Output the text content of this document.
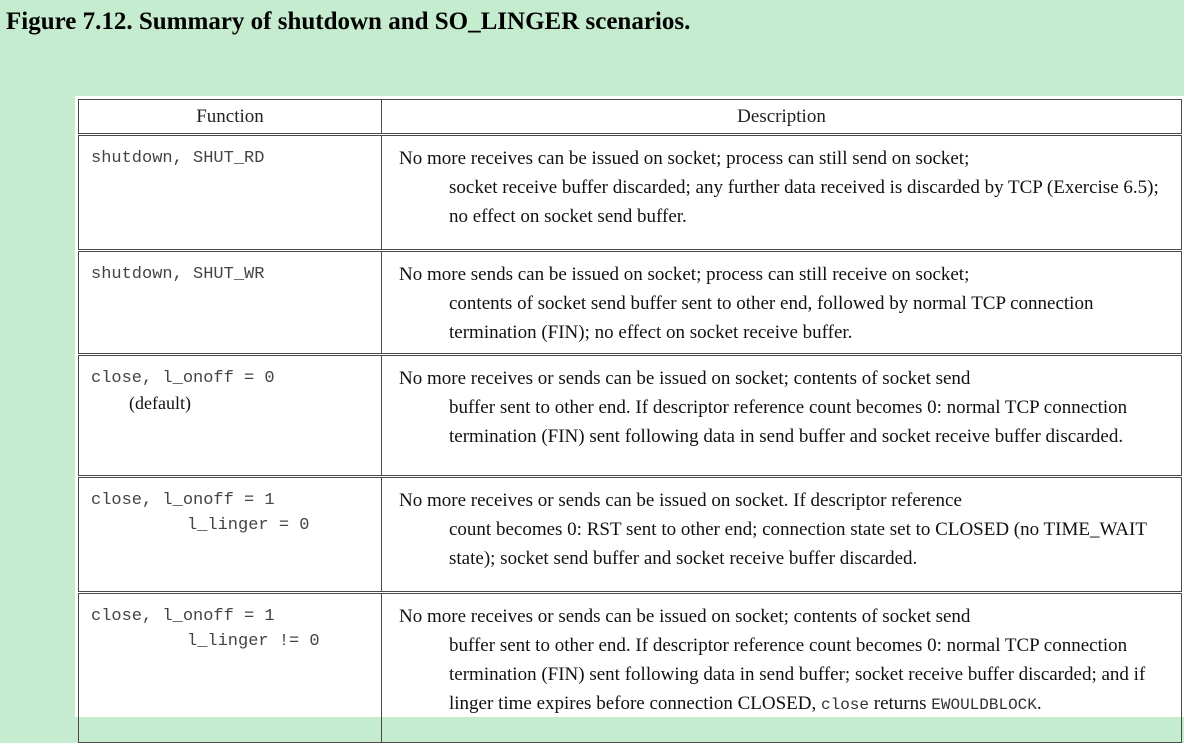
Figure 7.12. Summary of shutdown and SO_LINGER scenarios.
Function	Description
shutdown, SHUT_RD	No more receives can be issued on socket; process can still send on socket;
socket receive buffer discarded; any further data received is discarded by TCP (Exercise 6.5); no effect on socket send buffer.

shutdown, SHUT_WR	No more sends can be issued on socket; process can still receive on socket;
contents of socket send buffer sent to other end, followed by normal TCP connection termination (FIN); no effect on socket receive buffer.

close, l_onoff = 0
(default)	No more receives or sends can be issued on socket; contents of socket send
buffer sent to other end. If descriptor reference count becomes 0: normal TCP connection termination (FIN) sent following data in send buffer and socket receive buffer discarded.

close, l_onoff = 1
l_linger = 0	No more receives or sends can be issued on socket. If descriptor reference
count becomes 0: RST sent to other end; connection state set to CLOSED (no TIME_WAIT state); socket send buffer and socket receive buffer discarded.

close, l_onoff = 1
l_linger != 0	No more receives or sends can be issued on socket; contents of socket send
buffer sent to other end. If descriptor reference count becomes 0: normal TCP connection termination (FIN) sent following data in send buffer; socket receive buffer discarded; and if linger time expires before connection CLOSED, close returns EWOULDBLOCK.
